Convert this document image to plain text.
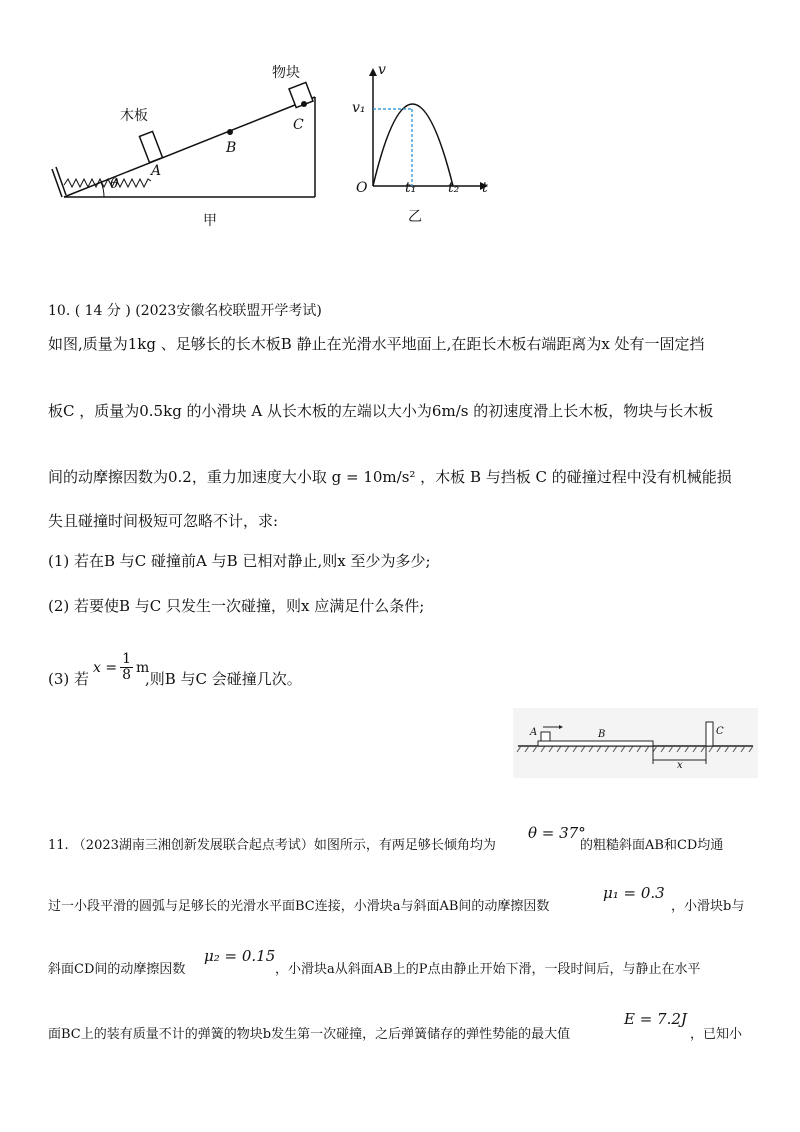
物块
木板
A
B
C
θ
甲
v
t
O
v₁
t₁ t₂
乙
10. ( 14 分 ) (2023安徽名校联盟开学考试)
如图,质量为1kg 、足够长的长木板B 静止在光滑水平地面上,在距长木板右端距离为x 处有一固定挡
板C ，质量为0.5kg 的小滑块 A 从长木板的左端以大小为6m/s 的初速度滑上长木板，物块与长木板
间的动摩擦因数为0.2，重力加速度大小取 g = 10m/s² ，木板 B 与挡板 C 的碰撞过程中没有机械能损
失且碰撞时间极短可忽略不计，求:
(1) 若在B 与C 碰撞前A 与B 已相对静止,则x 至少为多少;
(2) 若要使B 与C 只发生一次碰撞，则x 应满足什么条件;
(3) 若
$x = \frac{1}{8}$ m
,则B 与C 会碰撞几次。
A	B	C
x
11. （2023湖南三湘创新发展联合起点考试）如图所示，有两足够长倾角均为
θ = 37°
的粗糙斜面AB和CD均通
过一小段平滑的圆弧与足够长的光滑水平面BC连接，小滑块a与斜面AB间的动摩擦因数
μ₁ = 0.3
，小滑块b与
斜面CD间的动摩擦因数
μ₂ = 0.15
，小滑块a从斜面AB上的P点由静止开始下滑，一段时间后，与静止在水平
面BC上的装有质量不计的弹簧的物块b发生第一次碰撞，之后弹簧储存的弹性势能的最大值
E = 7.2J
，已知小
